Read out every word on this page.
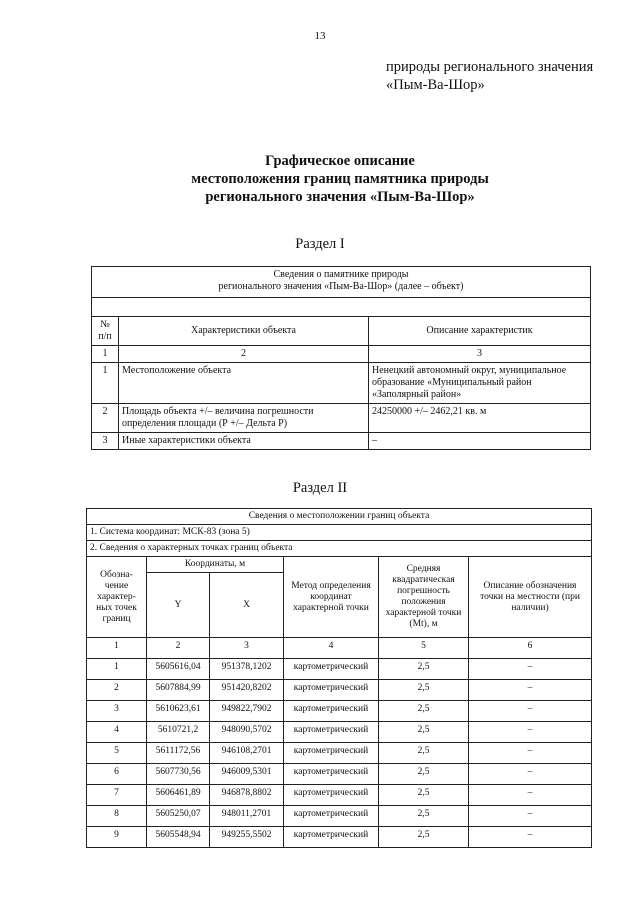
13
природы регионального значения
«Пым-Ва-Шор»
Графическое описание
местоположения границ памятника природы
регионального значения «Пым-Ва-Шор»
Раздел I
Сведения о памятнике природы
регионального значения «Пым-Ва-Шор» (далее – объект)		

№ п/п	Характеристики объекта	Описание характеристик
1	2	3
1	Местоположение объекта	Ненецкий автономный округ, муниципальное образование «Муниципальный район «Заполярный район»
2	Площадь объекта +/– величина погрешности определения площади (Р +/– Дельта Р)	24250000 +/– 2462,21 кв. м
3	Иные характеристики объекта	–
Раздел II
Сведения о местоположении границ объекта					
1. Система координат: МСК-83 (зона 5)					
2. Сведения о характерных точках границ объекта					
Обозна-чение характер-ных точек границ	Координаты, м		Метод определения координат характерной точки	Средняя квадратическая погрешность положения характерной точки (Mt), м	Описание обозначения точки на местности (при наличии)
	Y	X			
1	2	3	4	5	6
1	5605616,04	951378,1202	картометрический	2,5	–
2	5607884,99	951420,8202	картометрический	2,5	–
3	5610623,61	949822,7902	картометрический	2,5	–
4	5610721,2	948090,5702	картометрический	2,5	–
5	5611172,56	946108,2701	картометрический	2,5	–
6	5607730,56	946009,5301	картометрический	2,5	–
7	5606461,89	946878,8802	картометрический	2,5	–
8	5605250,07	948011,2701	картометрический	2,5	–
9	5605548,94	949255,5502	картометрический	2,5	–
